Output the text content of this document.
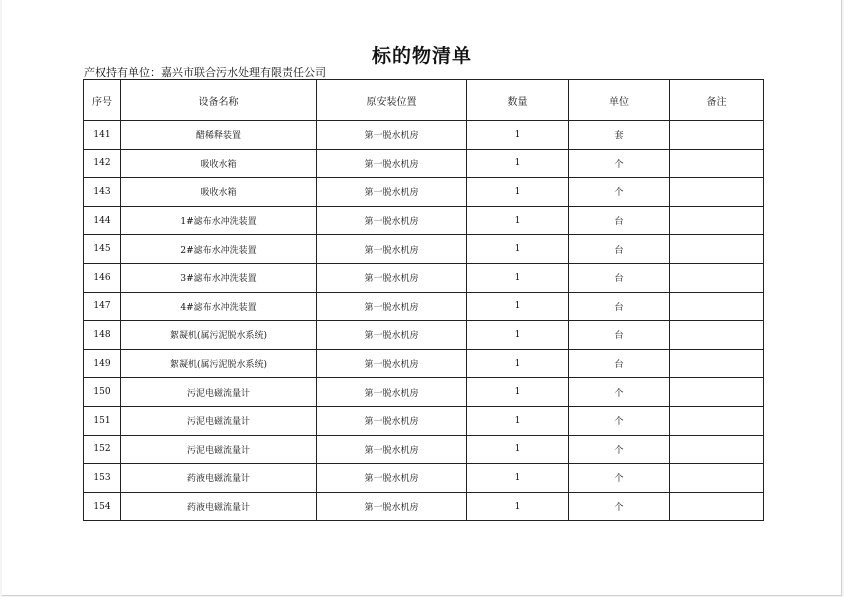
标的物清单
产权持有单位：嘉兴市联合污水处理有限责任公司
序号	设备名称	原安装位置	数量	单位	备注
141	醋稀释装置	第一脱水机房	1	套	
142	吸收水箱	第一脱水机房	1	个	
143	吸收水箱	第一脱水机房	1	个	
144	1#滤布水冲洗装置	第一脱水机房	1	台	
145	2#滤布水冲洗装置	第一脱水机房	1	台	
146	3#滤布水冲洗装置	第一脱水机房	1	台	
147	4#滤布水冲洗装置	第一脱水机房	1	台	
148	絮凝机(属污泥脱水系统)	第一脱水机房	1	台	
149	絮凝机(属污泥脱水系统)	第一脱水机房	1	台	
150	污泥电磁流量计	第一脱水机房	1	个	
151	污泥电磁流量计	第一脱水机房	1	个	
152	污泥电磁流量计	第一脱水机房	1	个	
153	药液电磁流量计	第一脱水机房	1	个	
154	药液电磁流量计	第一脱水机房	1	个	
